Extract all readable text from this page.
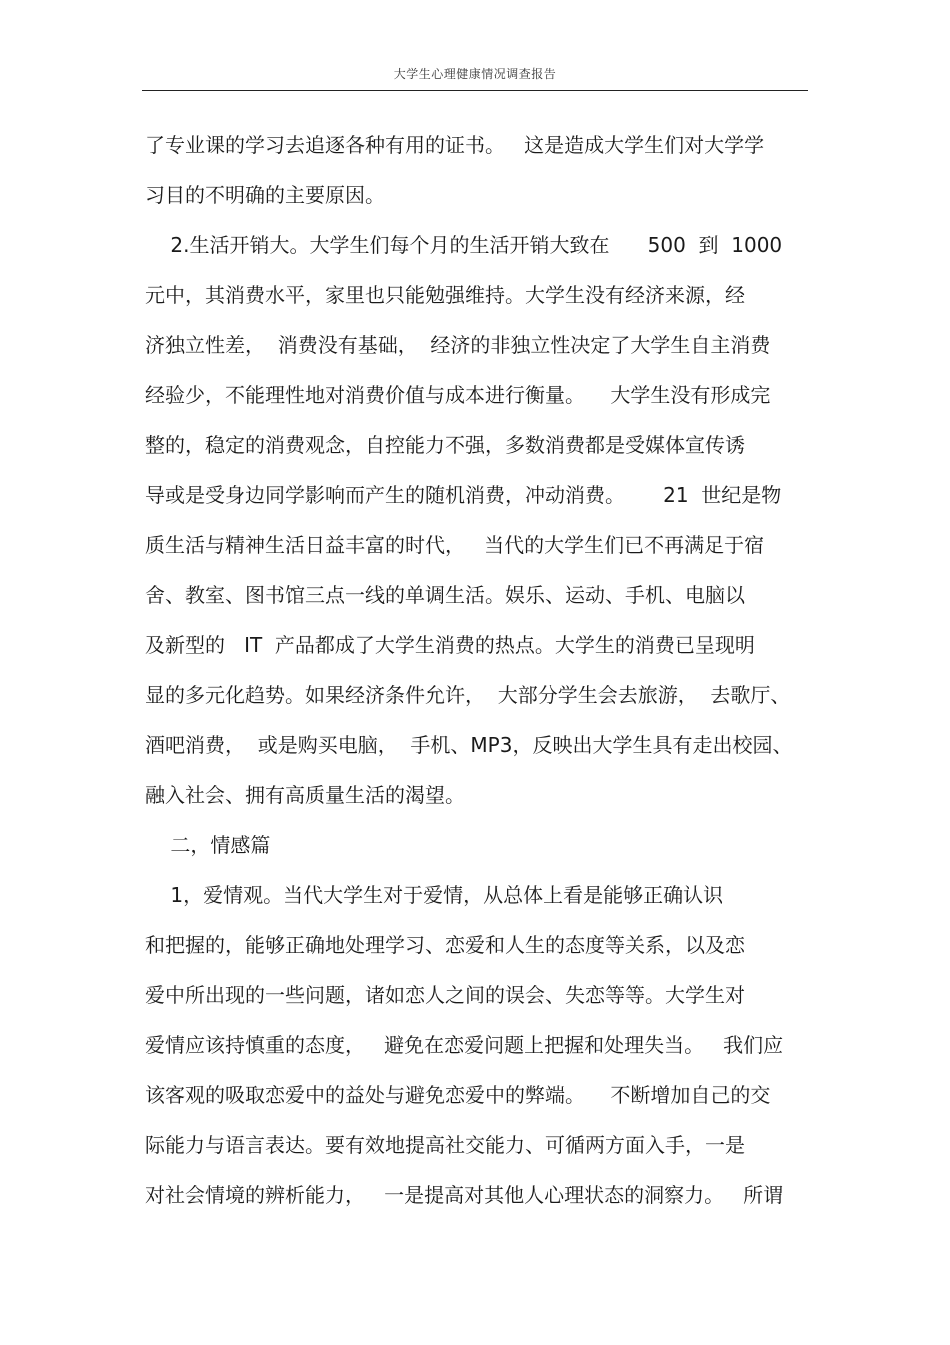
大学生心理健康情况调查报告
了专业课的学习去追逐各种有用的证书。   这是造成大学生们对大学学
习目的不明确的主要原因。
2.生活开销大。大学生们每个月的生活开销大致在      500  到  1000
元中，其消费水平，家里也只能勉强维持。大学生没有经济来源，经
济独立性差，  消费没有基础，  经济的非独立性决定了大学生自主消费
经验少，不能理性地对消费价值与成本进行衡量。    大学生没有形成完
整的，稳定的消费观念，自控能力不强，多数消费都是受媒体宣传诱
导或是受身边同学影响而产生的随机消费，冲动消费。      21  世纪是物
质生活与精神生活日益丰富的时代，   当代的大学生们已不再满足于宿
舍、教室、图书馆三点一线的单调生活。娱乐、运动、手机、电脑以
及新型的   IT  产品都成了大学生消费的热点。大学生的消费已呈现明
显的多元化趋势。如果经济条件允许，  大部分学生会去旅游，  去歌厅、
酒吧消费，  或是购买电脑，  手机、MP3，反映出大学生具有走出校园、
融入社会、拥有高质量生活的渴望。
二，情感篇
1，爱情观。当代大学生对于爱情，从总体上看是能够正确认识
和把握的，能够正确地处理学习、恋爱和人生的态度等关系，以及恋
爱中所出现的一些问题，诸如恋人之间的误会、失恋等等。大学生对
爱情应该持慎重的态度，   避免在恋爱问题上把握和处理失当。   我们应
该客观的吸取恋爱中的益处与避免恋爱中的弊端。    不断增加自己的交
际能力与语言表达。要有效地提高社交能力、可循两方面入手，一是
对社会情境的辨析能力，   一是提高对其他人心理状态的洞察力。   所谓
